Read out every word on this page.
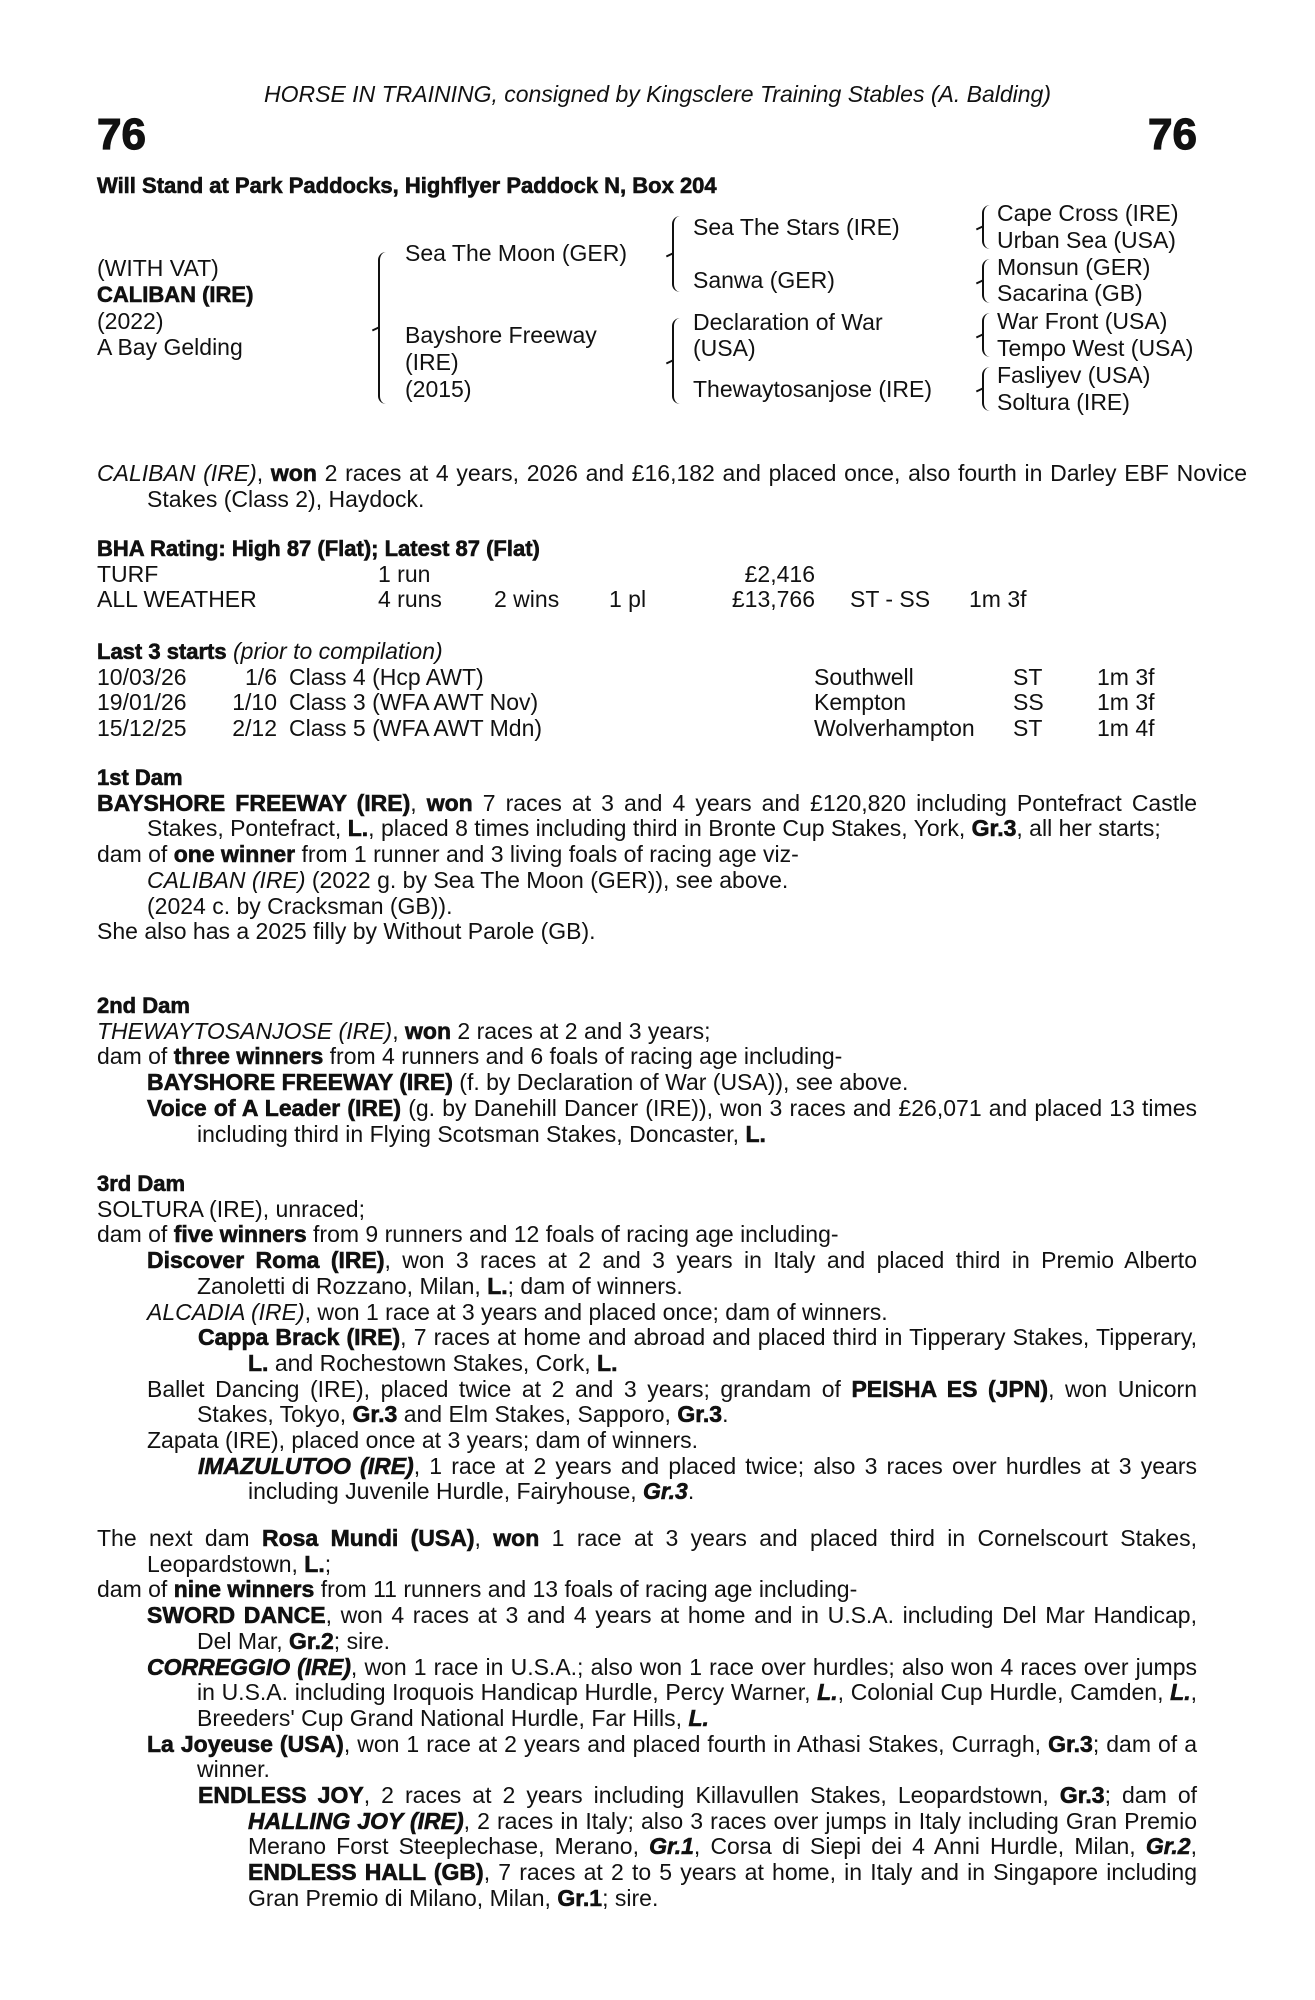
HORSE IN TRAINING, consigned by Kingsclere Training Stables (A. Balding)
76	76
Will Stand at Park Paddocks, Highflyer Paddock N, Box 204
(WITH VAT)
CALIBAN (IRE)
(2022)
A Bay Gelding
Sea The Moon (GER)
Bayshore Freeway
(IRE)
(2015)
Sea The Stars (IRE)
Sanwa (GER)
Declaration of War
(USA)
Thewaytosanjose (IRE)
Cape Cross (IRE)
Urban Sea (USA)
Monsun (GER)
Sacarina (GB)
War Front (USA)
Tempo West (USA)
Fasliyev (USA)
Soltura (IRE)
CALIBAN (IRE), won 2 races at 4 years, 2026 and £16,182 and placed once, also fourth in Darley EBF Novice Stakes (Class 2), Haydock.
BHA Rating: High 87 (Flat); Latest 87 (Flat)
TURF	1 run	£2,416
ALL WEATHER	4 runs 2 wins 1 pl	£13,766 ST - SS 1m 3f
Last 3 starts (prior to compilation)
10/03/26	1/6 Class 4 (Hcp AWT)	Southwell	ST 1m 3f
19/01/26 1/10 Class 3 (WFA AWT Nov)	Kempton	SS 1m 3f
15/12/25 2/12 Class 5 (WFA AWT Mdn)	Wolverhampton ST 1m 4f
1st Dam
BAYSHORE FREEWAY (IRE), won 7 races at 3 and 4 years and £120,820 including Pontefract Castle Stakes, Pontefract, L., placed 8 times including third in Bronte Cup Stakes, York, Gr.3, all her starts;
dam of one winner from 1 runner and 3 living foals of racing age viz-
CALIBAN (IRE) (2022 g. by Sea The Moon (GER)), see above.
(2024 c. by Cracksman (GB)).
She also has a 2025 filly by Without Parole (GB).
2nd Dam
THEWAYTOSANJOSE (IRE), won 2 races at 2 and 3 years;
dam of three winners from 4 runners and 6 foals of racing age including-
BAYSHORE FREEWAY (IRE) (f. by Declaration of War (USA)), see above.
Voice of A Leader (IRE) (g. by Danehill Dancer (IRE)), won 3 races and £26,071 and placed 13 times including third in Flying Scotsman Stakes, Doncaster, L.
3rd Dam
SOLTURA (IRE), unraced;
dam of five winners from 9 runners and 12 foals of racing age including-
Discover Roma (IRE), won 3 races at 2 and 3 years in Italy and placed third in Premio Alberto Zanoletti di Rozzano, Milan, L.; dam of winners.
ALCADIA (IRE), won 1 race at 3 years and placed once; dam of winners.
Cappa Brack (IRE), 7 races at home and abroad and placed third in Tipperary Stakes, Tipperary, L. and Rochestown Stakes, Cork, L.
Ballet Dancing (IRE), placed twice at 2 and 3 years; grandam of PEISHA ES (JPN), won Unicorn Stakes, Tokyo, Gr.3 and Elm Stakes, Sapporo, Gr.3.
Zapata (IRE), placed once at 3 years; dam of winners.
IMAZULUTOO (IRE), 1 race at 2 years and placed twice; also 3 races over hurdles at 3 years including Juvenile Hurdle, Fairyhouse, Gr.3.
The next dam Rosa Mundi (USA), won 1 race at 3 years and placed third in Cornelscourt Stakes, Leopardstown, L.;
dam of nine winners from 11 runners and 13 foals of racing age including-
SWORD DANCE, won 4 races at 3 and 4 years at home and in U.S.A. including Del Mar Handicap, Del Mar, Gr.2; sire.
CORREGGIO (IRE), won 1 race in U.S.A.; also won 1 race over hurdles; also won 4 races over jumps in U.S.A. including Iroquois Handicap Hurdle, Percy Warner, L., Colonial Cup Hurdle, Camden, L., Breeders' Cup Grand National Hurdle, Far Hills, L.
La Joyeuse (USA), won 1 race at 2 years and placed fourth in Athasi Stakes, Curragh, Gr.3; dam of a winner.
ENDLESS JOY, 2 races at 2 years including Killavullen Stakes, Leopardstown, Gr.3; dam of HALLING JOY (IRE), 2 races in Italy; also 3 races over jumps in Italy including Gran Premio Merano Forst Steeplechase, Merano, Gr.1, Corsa di Siepi dei 4 Anni Hurdle, Milan, Gr.2, ENDLESS HALL (GB), 7 races at 2 to 5 years at home, in Italy and in Singapore including Gran Premio di Milano, Milan, Gr.1; sire.
